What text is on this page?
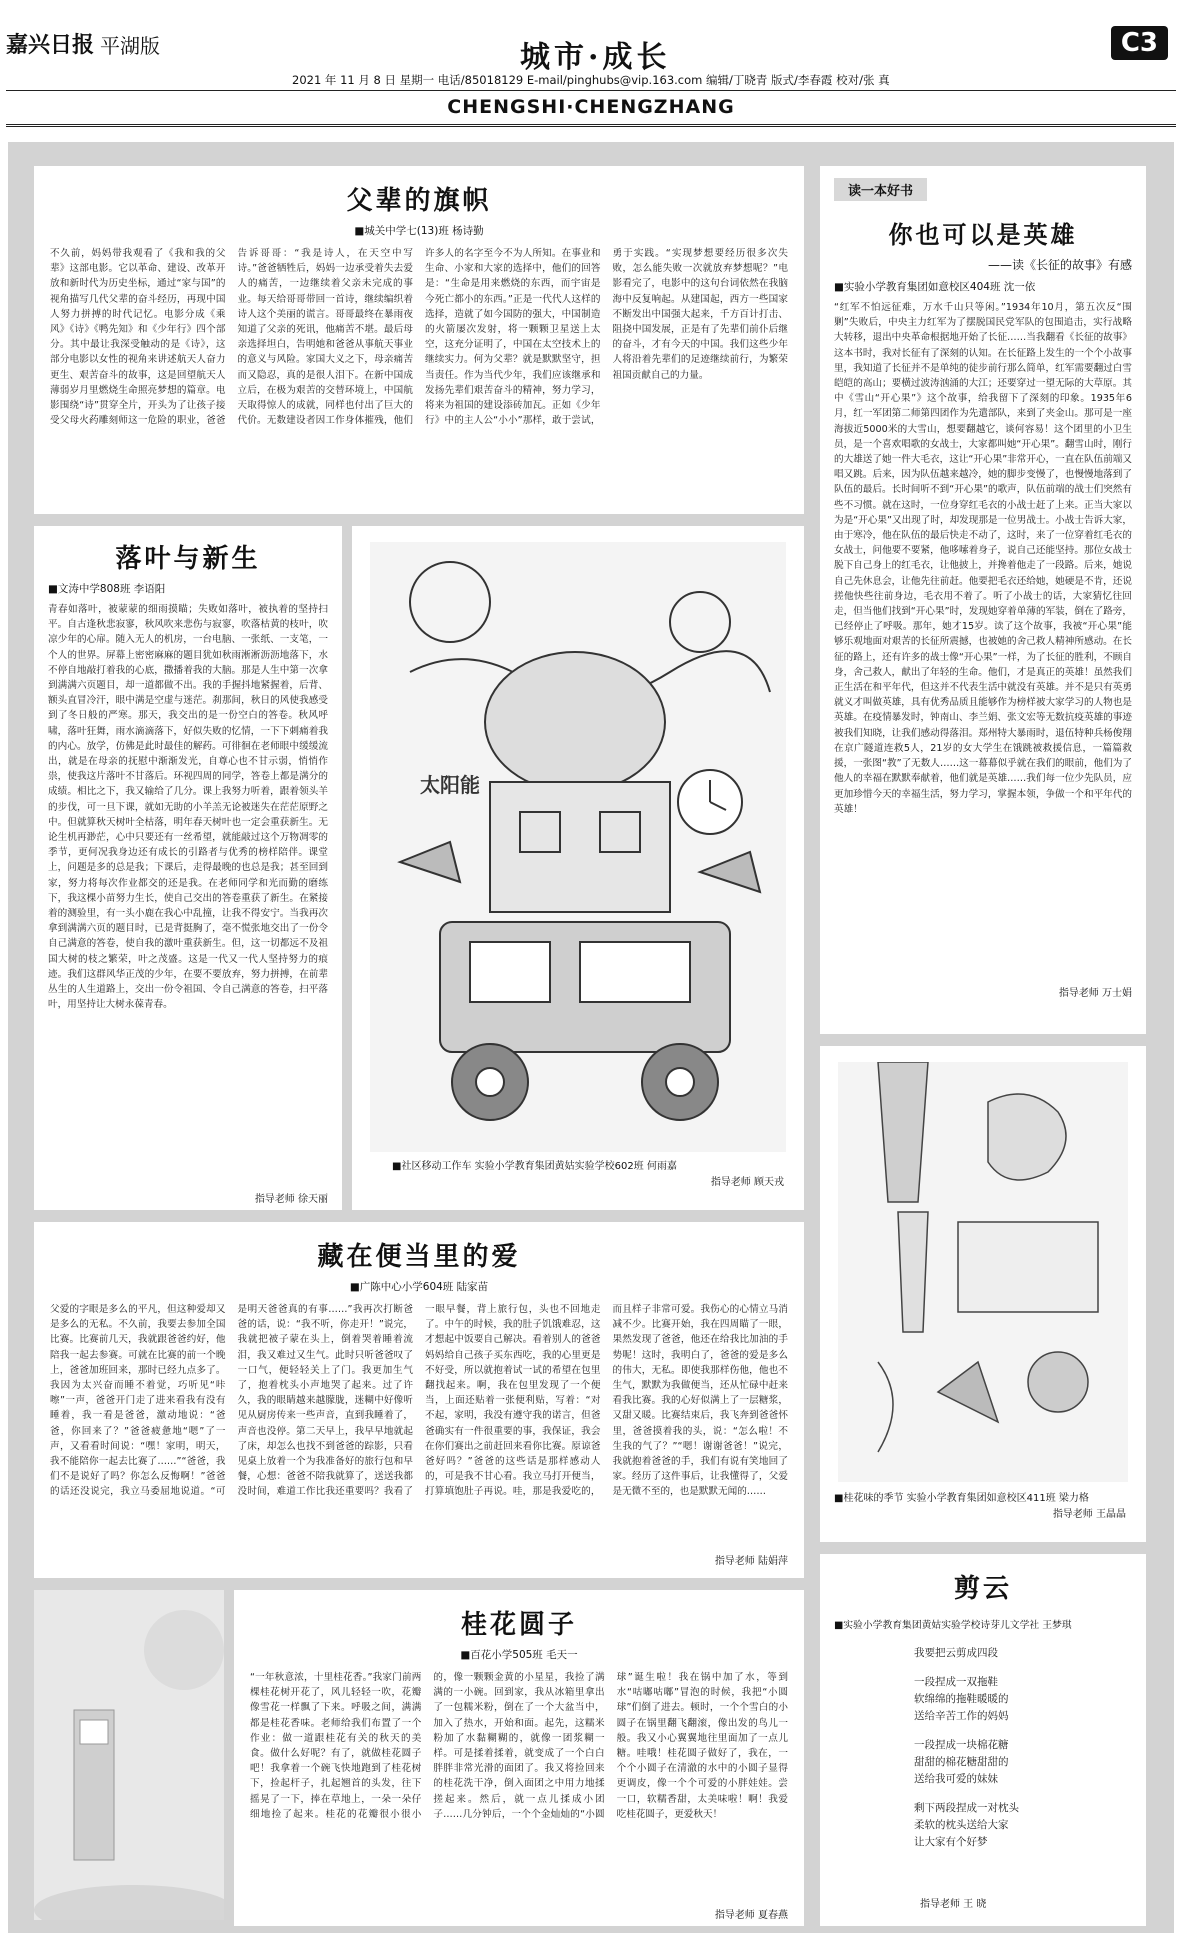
嘉兴日报 平湖版	城市·成长	C3
2021 年 11 月 8 日 星期一 电话/85018129 E-mail/pinghubs@vip.163.com 编辑/丁晓青 版式/李春霞 校对/张 真
CHENGSHI·CHENGZHANG
父辈的旗帜
■城关中学七(13)班 杨诗勤
不久前，妈妈带我观看了《我和我的父辈》这部电影。它以革命、建设、改革开放和新时代为历史坐标，通过“家与国”的视角描写几代父辈的奋斗经历，再现中国人努力拼搏的时代记忆。电影分成《乘风》《诗》《鸭先知》和《少年行》四个部分。其中最让我深受触动的是《诗》，这部分电影以女性的视角来讲述航天人奋力更生、艰苦奋斗的故事，这是回望航天人薄弱岁月里燃烧生命照亮梦想的篇章。电影围绕“诗”贯穿全片，开头为了让孩子接受父母火药雕刻师这一危险的职业，爸爸告诉哥哥：“我是诗人，在天空中写诗。”爸爸牺牲后，妈妈一边承受着失去爱人的痛苦，一边继续着父亲未完成的事业。每天给哥哥带回一首诗，继续编织着诗人这个美丽的谎言。哥哥最终在暴雨夜知道了父亲的死讯，他痛苦不堪。最后母亲选择坦白，告明她和爸爸从事航天事业的意义与风险。家国大义之下，母亲痛苦而又隐忍，真的是很人泪下。在新中国成立后，在极为艰苦的交替环境上，中国航天取得惊人的成就，同样也付出了巨大的代价。无数建设者因工作身体摧残，他们许多人的名字至今不为人所知。在事业和生命、小家和大家的选择中，他们的回答是：“生命是用来燃烧的东西，而宇宙是今死亡都小的东西。”正是一代代人这样的选择，造就了如今国防的强大，中国制造的火箭屡次发射，将一颗颗卫星送上太空，这充分证明了，中国在太空技术上的继续实力。何为父辈？就是默默坚守，担当责任。作为当代少年，我们应该继承和发扬先辈们艰苦奋斗的精神，努力学习，将来为祖国的建设添砖加瓦。正如《少年行》中的主人公“小小”那样，敢于尝试，勇于实践。“实现梦想要经历很多次失败，怎么能失败一次就放弃梦想呢？”电影看完了，电影中的这句台词依然在我脑海中反复响起。从建国起，西方一些国家不断发出中国强大起来，千方百计打击、阻挠中国发展，正是有了先辈们前仆后继的奋斗，才有今天的中国。我们这些少年人将沿着先辈们的足迹继续前行，为繁荣祖国贡献自己的力量。
落叶与新生
■文涛中学808班 李语阳
青春如落叶，被蒙蒙的细雨摸瞄；失败如落叶，被执着的坚持扫平。自古逢秋悲寂寥，秋风吹来悲伤与寂寥，吹落枯黄的枝叶，吹凉少年的心扉。随入无人的机房，一台电脑、一张纸、一支笔，一个人的世界。屏幕上密密麻麻的题目犹如秋雨淅淅沥沥地落下，水不停自地敲打着我的心底，撒播着我的大脑。那是人生中第一次拿到满满六页题目，却一道都做不出。我的手握抖地紧握着，后背、额头直冒冷汗，眼中满是空虚与迷茫。刹那间，秋日的风使我感受到了冬日般的严寒。那天，我交出的是一份空白的答卷。秋风呼啸，落叶狂舞，雨水滴滴落下，好似失败的忆情，一下下刺痛着我的内心。放学，仿佛是此时最佳的解药。可徘徊在老师眼中缓缓流出，就是在母亲的抚慰中渐渐发光，自尊心也不甘示弱，悄悄作祟，使我这片落叶不甘落后。环视四周的同学，答卷上都是满分的成绩。相比之下，我又输给了几分。课上我努力听着，跟着领头羊的步伐，可一旦下课，就如无助的小羊羔无论被迷失在茫茫原野之中。但就算秋天树叶全枯落，明年春天树叶也一定会重获新生。无论生机再渺茫，心中只要还有一丝希望，就能敲过这个万物凋零的季节，更何况我身边还有成长的引路者与优秀的榜样陪伴。课堂上，问题是多的总是我；下课后，走得最晚的也总是我；甚至回到家，努力将每次作业都交的还是我。在老师同学和光而勤的磨练下，我这棵小苗努力生长，使自己交出的答卷重获了新生。在紧接着的测验里，有一头小鹿在我心中乱撞，让我不得安宁。当我再次拿到满满六页的题目时，已是背挺胸了，毫不慌张地交出了一份令自己满意的答卷，使自我的激叶重获新生。但，这一切都远不及祖国大树的枝之繁荣，叶之茂盛。这是一代又一代人坚持努力的痕迹。我们这群风华正茂的少年，在要不要放弃，努力拼搏，在前辈丛生的人生道路上，交出一份令祖国、令自己满意的答卷，扫平落叶，用坚持让大树永葆青春。
指导老师 徐天丽
太阳能
■社区移动工作车 实验小学教育集团黄姑实验学校602班 何雨嘉
指导老师 顾天戎
藏在便当里的爱
■广陈中心小学604班 陆家苗
父爱的字眼是多么的平凡，但这种爱却又是多么的无私。不久前，我要去参加全国比赛。比赛前几天，我就跟爸爸约好，他陪我一起去参赛。可就在比赛的前一个晚上，爸爸加班回来，那时已经九点多了。我因为太兴奋而睡不着觉，巧听见“咔嚓”一声，爸爸开门走了进来看我有没有睡着，我一看是爸爸，激动地说：“爸爸，你回来了？”爸爸疲惫地“嗯”了一声，又看看时间说：“嘿！家明，明天，我不能陪你一起去比赛了……”“爸爸，我们不是说好了吗？你怎么反悔啊！”爸爸的话还没说完，我立马委屈地说道。“可是明天爸爸真的有事……”我再次打断爸爸的话，说：“我不听，你走开！”说完，我就把被子蒙在头上，倒着哭着睡着流泪，我又难过又生气。此时只听爸爸叹了一口气，便轻轻关上了门。我更加生气了，抱着枕头小声地哭了起来。过了许久，我的眼睛越来越朦胧，迷糊中好像听见从厨房传来一些声音，直到我睡着了，声音也没停。第二天早上，我早早地就起了床，却怎么也找不到爸爸的踪影，只看见桌上放着一个为我准备好的旅行包和早餐，心想：爸爸不陪我就算了，送送我都没时间，难道工作比我还重要吗？我看了一眼早餐，背上旅行包，头也不回地走了。中午的时候，我的肚子饥饿难忍，这才想起中饭要自己解决。看着别人的爸爸妈妈给自己孩子买东西吃，我的心里更是不好受，所以就抱着试一试的希望在包里翻找起来。啊，我在包里发现了一个便当，上面还贴着一张便利贴，写着：“对不起，家明，我没有遵守我的诺言，但爸爸确实有一件很重要的事，我保证，我会在你们赛出之前赶回来看你比赛。原谅爸爸好吗？”爸爸的这些话是那样感动人的，可是我不甘心看。我立马打开便当，打算填饱肚子再说。哇，那是我爱吃的，而且样子非常可爱。我伤心的心情立马消减不少。比赛开始，我在四周瞄了一眼，果然发现了爸爸，他还在给我比加油的手势呢！这时，我明白了，爸爸的爱是多么的伟大，无私。即使我那样伤他，他也不生气，默默为我做便当，还从忙碌中赶来看我比赛。我的心好似满上了一层糖浆，又甜又暖。比赛结束后，我飞奔到爸爸怀里，爸爸摸着我的头，说：“怎么啦！不生我的气了？”“嗯！谢谢爸爸！”说完，我就抱着爸爸的手，我们有说有笑地回了家。经历了这件事后，让我懂得了，父爱是无微不至的，也是默默无闻的……
指导老师 陆娟萍
桂花圆子
■百花小学505班 毛天一
“一年秋意浓，十里桂花香。”我家门前两棵桂花树开花了，风儿轻轻一吹，花瓣像雪花一样飘了下来。呼吸之间，满满都是桂花香味。老师给我们布置了一个作业：做一道跟桂花有关的秋天的美食。做什么好呢？有了，就做桂花圆子吧！我拿着一个碗飞快地跑到了桂花树下，捡起杆子，扎起翘首的头发，往下摇晃了一下，捧在草地上，一朵一朵仔细地捡了起来。桂花的花瓣很小很小的，像一颗颗金黄的小星星，我捡了满满的一小碗。回到家，我从冰箱里拿出了一包糯米粉，倒在了一个大盆当中，加入了热水，开始和面。起先，这糯米粉加了水黏糊糊的，就像一团浆糊一样。可是揉着揉着，就变成了一个白白胖胖非常光滑的面团了。我又将捡回来的桂花洗干净，倒入面团之中用力地揉搓起来。然后，就一点儿揉成小团子……几分钟后，一个个金灿灿的“小圆球”诞生啦！我在锅中加了水，等到水“咕嘟咕嘟”冒泡的时候，我把“小圆球”们倒了进去。顿时，一个个雪白的小圆子在锅里翻飞翻滚，像出发的鸟儿一般。我又小心翼翼地往里面加了一点儿糖。哇哦！桂花圆子做好了，我在，一个个小圆子在清澈的水中的小圆子显得更调皮，像一个个可爱的小胖娃娃。尝一口，软糯香甜，太美味啦！啊！我爱吃桂花圆子，更爱秋天！
指导老师 夏春燕
读一本好书
你也可以是英雄
——读《长征的故事》有感
■实验小学教育集团如意校区404班 沈一依
“红军不怕远征难，万水千山只等闲。”1934年10月，第五次反“围剿”失败后，中央主力红军为了摆脱国民党军队的包围追击，实行战略大转移，退出中央革命根据地开始了长征……当我翻看《长征的故事》这本书时，我对长征有了深刻的认知。在长征路上发生的一个个小故事里，我知道了长征并不是单纯的徒步前行那么简单，红军需要翻过白雪皑皑的高山；要横过波涛汹涌的大江；还要穿过一望无际的大草原。其中《雪山“开心果”》这个故事，给我留下了深刻的印象。1935年6月，红一军团第二师第四团作为先遣部队，来到了夹金山。那可是一座海拔近5000米的大雪山，想要翻越它，谈何容易！这个团里的小卫生员，是一个喜欢唱歌的女战士，大家都叫她“开心果”。翻雪山时，刚行的大雄送了她一件大毛衣，这让“开心果”非常开心，一直在队伍前端又唱又跳。后来，因为队伍越来越冷，她的脚步变慢了，也慢慢地落到了队伍的最后。长时间听不到“开心果”的歌声，队伍前端的战士们突然有些不习惯。就在这时，一位身穿红毛衣的小战士赶了上来。正当大家以为是“开心果”又出现了时，却发现那是一位男战士。小战士告诉大家，由于寒冷，他在队伍的最后快走不动了，这时，来了一位穿着红毛衣的女战士，问他要不要紧，他哆嗦着身子，说自己还能坚持。那位女战士脱下自己身上的红毛衣，让他披上，并搀着他走了一段路。后来，她说自己先休息会，让他先往前赶。他要把毛衣还给她，她硬是不肯，还说搓他快些往前身边，毛衣用不着了。听了小战士的话，大家猜忆往回走，但当他们找到“开心果”时，发现她穿着单薄的军装，倒在了路旁，已经停止了呼吸。那年，她才15岁。读了这个故事，我被“开心果”能够乐观地面对艰苦的长征所震撼，也被她的舍己救人精神所感动。在长征的路上，还有许多的战士像“开心果”一样，为了长征的胜利，不顾自身，舍己救人，献出了年轻的生命。他们，才是真正的英雄！虽然我们正生活在和平年代，但这并不代表生活中就没有英雄。并不是只有英勇就义才叫做英雄，具有优秀品质且能够作为榜样被大家学习的人物也是英雄。在疫情暴发时，钟南山、李兰娟、张文宏等无数抗疫英雄的事迹被我们知晓，让我们感动得落泪。郑州特大暴雨时，退伍特种兵杨俊翔在京广隧道连救5人，21岁的女大学生在饿跳被救援信息，一篇篇救援，一张图“教”了无数人……这一幕幕似乎就在我们的眼前，他们为了他人的幸福在默默奉献着，他们就是英雄……我们每一位少先队员，应更加珍惜今天的幸福生活，努力学习，掌握本领，争做一个和平年代的英雄！
指导老师 万士娟
■桂花味的季节 实验小学教育集团如意校区411班 梁力格
指导老师 王晶晶
剪云
■实验小学教育集团黄姑实验学校诗芽儿文学社 王梦琪
我要把云剪成四段
一段捏成一双拖鞋
软绵绵的拖鞋暖暖的
送给辛苦工作的妈妈
一段捏成一块棉花糖
甜甜的棉花糖甜甜的
送给我可爱的妹妹
剩下两段捏成一对枕头
柔软的枕头送给大家
让大家有个好梦
指导老师 王 晓
